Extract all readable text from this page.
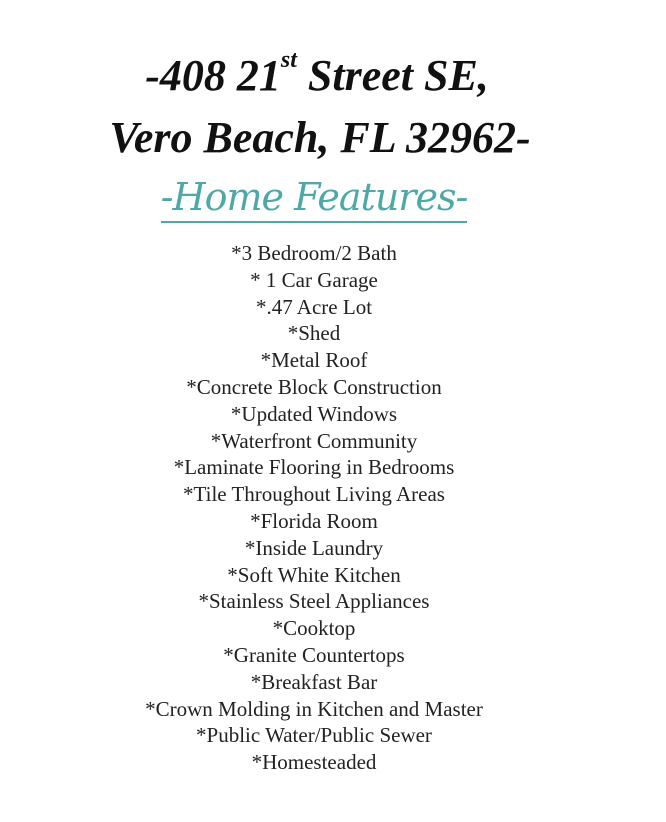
-408 21st Street SE,
Vero Beach, FL 32962-
-Home Features-
*3 Bedroom/2 Bath
* 1 Car Garage
*.47 Acre Lot
*Shed
*Metal Roof
*Concrete Block Construction
*Updated Windows
*Waterfront Community
*Laminate Flooring in Bedrooms
*Tile Throughout Living Areas
*Florida Room
*Inside Laundry
*Soft White Kitchen
*Stainless Steel Appliances
*Cooktop
*Granite Countertops
*Breakfast Bar
*Crown Molding in Kitchen and Master
*Public Water/Public Sewer
*Homesteaded
